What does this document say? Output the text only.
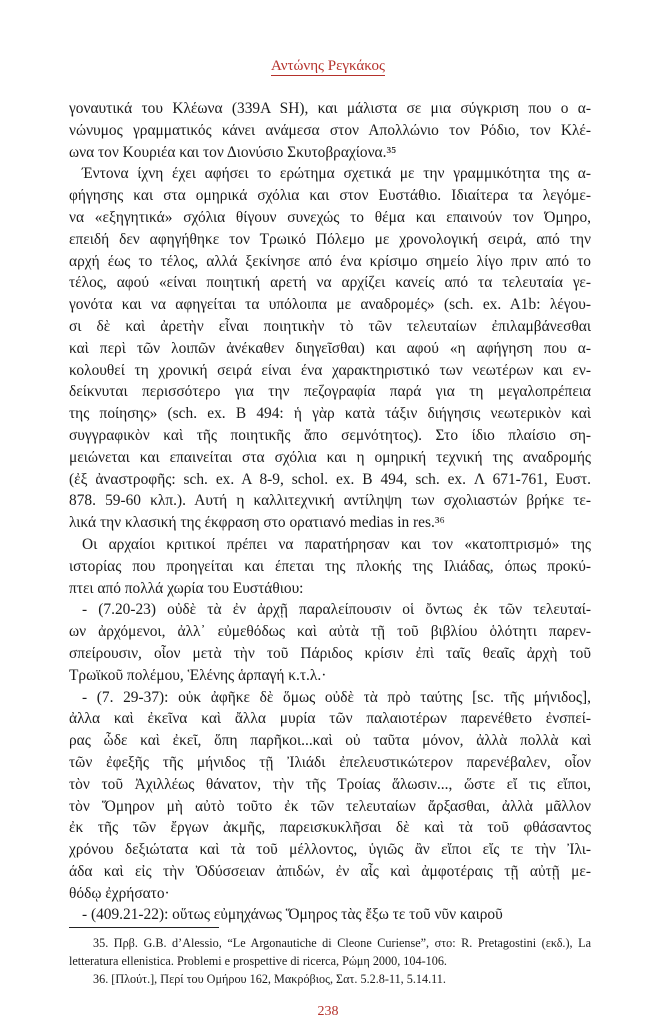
Αντώνης Ρεγκάκος
γοναυτικά του Κλέωνα (339A SH), και μάλιστα σε μια σύγκριση που ο α-
νώνυμος γραμματικός κάνει ανάμεσα στον Απολλώνιο τον Ρόδιο, τον Κλέ-
ωνα τον Κουριέα και τον Διονύσιο Σκυτοβραχίονα.³⁵
Έντονα ίχνη έχει αφήσει το ερώτημα σχετικά με την γραμμικότητα της α-
φήγησης και στα ομηρικά σχόλια και στον Ευστάθιο. Ιδιαίτερα τα λεγόμε-
να «εξηγητικά» σχόλια θίγουν συνεχώς το θέμα και επαινούν τον Όμηρο,
επειδή δεν αφηγήθηκε τον Τρωικό Πόλεμο με χρονολογική σειρά, από την
αρχή έως το τέλος, αλλά ξεκίνησε από ένα κρίσιμο σημείο λίγο πριν από το
τέλος, αφού «είναι ποιητική αρετή να αρχίζει κανείς από τα τελευταία γε-
γονότα και να αφηγείται τα υπόλοιπα με αναδρομές» (sch. ex. A1b: λέγου-
σι δὲ καὶ ἀρετὴν εἶναι ποιητικὴν τὸ τῶν τελευταίων ἐπιλαμβάνεσθαι
καὶ περὶ τῶν λοιπῶν ἀνέκαθεν διηγεῖσθαι) και αφού «η αφήγηση που α-
κολουθεί τη χρονική σειρά είναι ένα χαρακτηριστικό των νεωτέρων και εν-
δείκνυται περισσότερο για την πεζογραφία παρά για τη μεγαλοπρέπεια
της ποίησης» (sch. ex. B 494: ἡ γὰρ κατὰ τάξιν διήγησις νεωτερικὸν καὶ
συγγραφικὸν καὶ τῆς ποιητικῆς ἄπο σεμνότητος). Στο ίδιο πλαίσιο ση-
μειώνεται και επαινείται στα σχόλια και η ομηρική τεχνική της αναδρομής
(ἐξ ἀναστροφῆς: sch. ex. A 8-9, schol. ex. B 494, sch. ex. Λ 671-761, Ευστ.
878. 59-60 κλπ.). Αυτή η καλλιτεχνική αντίληψη των σχολιαστών βρήκε τε-
λικά την κλασική της έκφραση στο ορατιανό medias in res.³⁶
Οι αρχαίοι κριτικοί πρέπει να παρατήρησαν και τον «κατοπτρισμό» της
ιστορίας που προηγείται και έπεται της πλοκής της Ιλιάδας, όπως προκύ-
πτει από πολλά χωρία του Ευστάθιου:
- (7.20-23) οὐδὲ τὰ ἐν ἀρχῇ παραλείπουσιν οἱ ὄντως ἐκ τῶν τελευταί-
ων ἀρχόμενοι, ἀλλ᾽ εὐμεθόδως καὶ αὐτὰ τῇ τοῦ βιβλίου ὁλότητι παρεν-
σπείρουσιν, οἷον μετὰ τὴν τοῦ Πάριδος κρίσιν ἐπὶ ταῖς θεαῖς ἀρχὴ τοῦ
Τρωϊκοῦ πολέμου, Ἑλένης ἁρπαγή κ.τ.λ.·
- (7. 29-37): οὐκ ἀφῆκε δὲ ὅμως οὐδὲ τὰ πρὸ ταύτης [sc. τῆς μήνιδος],
ἀλλα καὶ ἐκεῖνα καὶ ἄλλα μυρία τῶν παλαιοτέρων παρενέθετο ἐνσπεί-
ρας ὧδε καὶ ἐκεῖ, ὅπη παρῆκοι...καὶ οὐ ταῦτα μόνον, ἀλλὰ πολλὰ καὶ
τῶν ἐφεξῆς τῆς μήνιδος τῇ Ἰλιάδι ἐπελευστικώτερον παρενέβαλεν, οἷον
τὸν τοῦ Ἀχιλλέως θάνατον, τὴν τῆς Τροίας ἅλωσιν..., ὥστε εἴ τις εἴποι,
τὸν Ὅμηρον μὴ αὐτὸ τοῦτο ἐκ τῶν τελευταίων ἄρξασθαι, ἀλλὰ μᾶλλον
ἐκ τῆς τῶν ἔργων ἀκμῆς, παρεισκυκλῆσαι δὲ καὶ τὰ τοῦ φθάσαντος
χρόνου δεξιώτατα καὶ τὰ τοῦ μέλλοντος, ὑγιῶς ἂν εἴποι εἴς τε τὴν Ἰλι-
άδα καὶ εἰς τὴν Ὀδύσσειαν ἀπιδών, ἐν αἷς καὶ ἀμφοτέραις τῇ αὐτῇ με-
θόδῳ ἐχρήσατο·
- (409.21-22): οὕτως εὐμηχάνως Ὅμηρος τὰς ἔξω τε τοῦ νῦν καιροῦ
35. Πρβ. G.B. d’Alessio, “Le Argonautiche di Cleone Curiense”, στο: R. Pretagostini (εκδ.), La
letteratura ellenistica. Problemi e prospettive di ricerca, Ρώμη 2000, 104-106.
36. [Πλούτ.], Περί του Ομήρου 162, Μακρόβιος, Σατ. 5.2.8-11, 5.14.11.
238
